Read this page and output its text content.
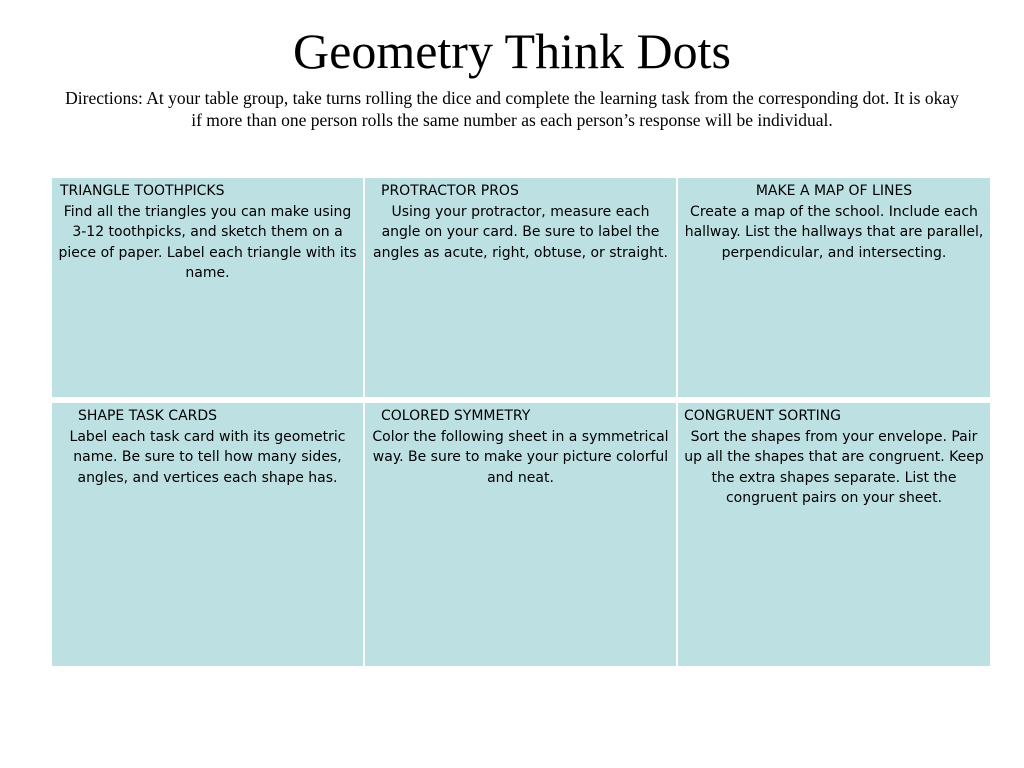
Geometry Think Dots

Directions: At your table group, take turns rolling the dice and complete the learning task from the corresponding dot. It is okay if more than one person rolls the same number as each person’s response will be individual.

TRIANGLE TOOTHPICKS
Find all the triangles you can make using 3-12 toothpicks, and sketch them on a piece of paper. Label each triangle with its name.
PROTRACTOR PROS
Using your protractor, measure each angle on your card. Be sure to label the angles as acute, right, obtuse, or straight.
MAKE A MAP OF LINES
Create a map of the school. Include each hallway. List the hallways that are parallel, perpendicular, and intersecting.
SHAPE TASK CARDS
Label each task card with its geometric name. Be sure to tell how many sides, angles, and vertices each shape has.
COLORED SYMMETRY
Color the following sheet in a symmetrical way. Be sure to make your picture colorful and neat.
CONGRUENT SORTING
Sort the shapes from your envelope. Pair up all the shapes that are congruent. Keep the extra shapes separate. List the congruent pairs on your sheet.
